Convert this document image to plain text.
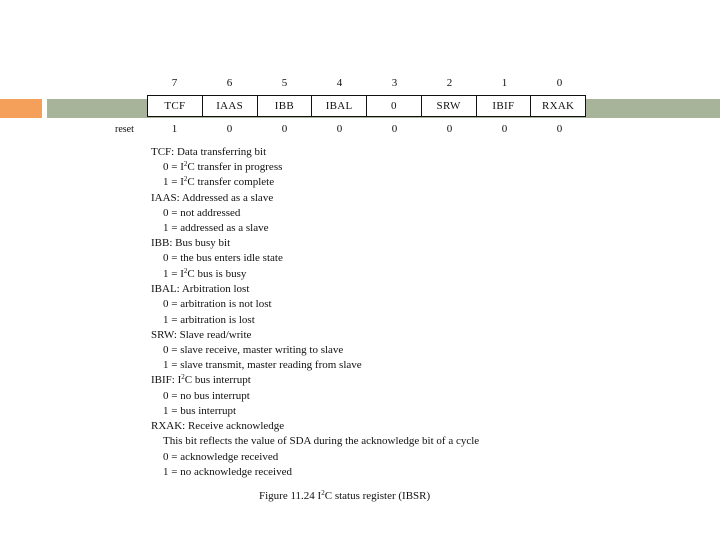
7	6	5	4	3	2	1	0
TCF	IAAS	IBB	IBAL	0	SRW	IBIF	RXAK
reset	1	0	0	0	0	0	0	0
TCF: Data transferring bit
$0 = I^2C$ transfer in progress
$1 = I^2C$ transfer complete
IAAS: Addressed as a slave
0 = not addressed
1 = addressed as a slave
IBB: Bus busy bit
0 = the bus enters idle state
$1 = I^2C$ bus is busy
IBAL: Arbitration lost
0 = arbitration is not lost
1 = arbitration is lost
SRW: Slave read/write
0 = slave receive, master writing to slave
1 = slave transmit, master reading from slave
IBIF: $I^2C$ bus interrupt
0 = no bus interrupt
1 = bus interrupt
RXAK: Receive acknowledge
This bit reflects the value of SDA during the acknowledge bit of a cycle
0 = acknowledge received
1 = no acknowledge received
Figure 11.24 $I^2C$ status register (IBSR)
